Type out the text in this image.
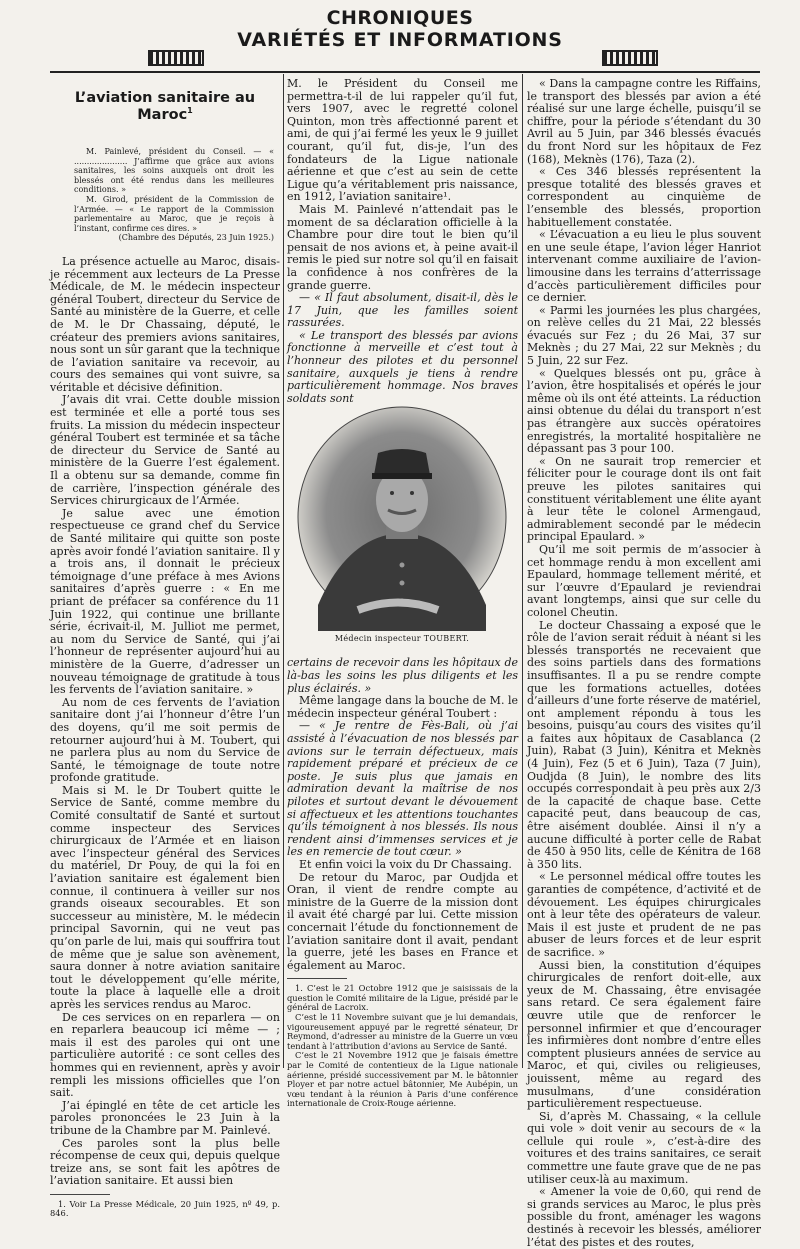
CHRONIQUES
VARIÉTÉS ET INFORMATIONS
L’aviation sanitaire au Maroc$^1$

M. Painlevé, président du Conseil. — « ..................... J’affirme que grâce aux avions sanitaires, les soins auxquels ont droit les blessés ont été rendus dans les meilleures conditions. »

M. Girod, président de la Commission de l’Armée. — « Le rapport de la Commission parlementaire au Maroc, que je reçois à l’instant, confirme ces dires. »

(Chambre des Députés, 23 Juin 1925.)

La présence actuelle au Maroc, disais-je récemment aux lecteurs de La Presse Médicale, de M. le médecin inspecteur général Toubert, directeur du Service de Santé au ministère de la Guerre, et celle de M. le Dr Chassaing, député, le créateur des premiers avions sanitaires, nous sont un sûr garant que la technique de l’aviation sanitaire va recevoir, au cours des semaines qui vont suivre, sa véritable et décisive définition.

J’avais dit vrai. Cette double mission est terminée et elle a porté tous ses fruits. La mission du médecin inspecteur général Toubert est terminée et sa tâche de directeur du Service de Santé au ministère de la Guerre l’est également. Il a obtenu sur sa demande, comme fin de carrière, l’inspection générale des Services chirurgicaux de l’Armée.

Je salue avec une émotion respectueuse ce grand chef du Service de Santé militaire qui quitte son poste après avoir fondé l’aviation sanitaire. Il y a trois ans, il donnait le précieux témoignage d’une préface à mes Avions sanitaires d’après guerre : « En me priant de préfacer sa conférence du 11 Juin 1922, qui continue une brillante série, écrivait-il, M. Julliot me permet, au nom du Service de Santé, qui j’ai l’honneur de représenter aujourd’hui au ministère de la Guerre, d’adresser un nouveau témoignage de gratitude à tous les fervents de l’aviation sanitaire. »

Au nom de ces fervents de l’aviation sanitaire dont j’ai l’honneur d’être l’un des doyens, qu’il me soit permis de retourner aujourd’hui à M. Toubert, qui ne parlera plus au nom du Service de Santé, le témoignage de toute notre profonde gratitude.

Mais si M. le Dr Toubert quitte le Service de Santé, comme membre du Comité consultatif de Santé et surtout comme inspecteur des Services chirurgicaux de l’Armée et en liaison avec l’inspecteur général des Services du matériel, Dr Pouy, de qui la foi en l’aviation sanitaire est également bien connue, il continuera à veiller sur nos grands oiseaux secourables. Et son successeur au ministère, M. le médecin principal Savornin, qui ne veut pas qu’on parle de lui, mais qui souffrira tout de même que je salue son avènement, saura donner à notre aviation sanitaire tout le développement qu’elle mérite, toute la place à laquelle elle a droit après les services rendus au Maroc.

De ces services on en reparlera — on en reparlera beaucoup ici même — ; mais il est des paroles qui ont une particulière autorité : ce sont celles des hommes qui en reviennent, après y avoir rempli les missions officielles que l’on sait.

J’ai épinglé en tête de cet article les paroles prononcées le 23 Juin à la tribune de la Chambre par M. Painlevé.

Ces paroles sont la plus belle récompense de ceux qui, depuis quelque treize ans, se sont fait les apôtres de l’aviation sanitaire. Et aussi bien

1. Voir La Presse Médicale, 20 Juin 1925, nº 49, p. 846.

M. le Président du Conseil me permettra-t-il de lui rappeler qu’il fut, vers 1907, avec le regretté colonel Quinton, mon très affectionné parent et ami, de qui j’ai fermé les yeux le 9 juillet courant, qu’il fut, dis-je, l’un des fondateurs de la Ligue nationale aérienne et que c’est au sein de cette Ligue qu’a véritablement pris naissance, en 1912, l’aviation sanitaire¹.

Mais M. Painlevé n’attendait pas le moment de sa déclaration officielle à la Chambre pour dire tout le bien qu’il pensait de nos avions et, à peine avait-il remis le pied sur notre sol qu’il en faisait la confidence à nos confrères de la grande guerre.

— « Il faut absolument, disait-il, dès le 17 Juin, que les familles soient rassurées.

« Le transport des blessés par avions fonctionne à merveille et c’est tout à l’honneur des pilotes et du personnel sanitaire, auxquels je tiens à rendre particulièrement hommage. Nos braves soldats sont

Médecin inspecteur TOUBERT.

certains de recevoir dans les hôpitaux de là-bas les soins les plus diligents et les plus éclairés. »

Même langage dans la bouche de M. le médecin inspecteur général Toubert :

— « Je rentre de Fès-Bali, où j’ai assisté à l’évacuation de nos blessés par avions sur le terrain défectueux, mais rapidement préparé et précieux de ce poste. Je suis plus que jamais en admiration devant la maîtrise de nos pilotes et surtout devant le dévouement si affectueux et les attentions touchantes qu’ils témoignent à nos blessés. Ils nous rendent ainsi d’immenses services et je les en remercie de tout cœur. »

Et enfin voici la voix du Dr Chassaing.

De retour du Maroc, par Oudjda et Oran, il vient de rendre compte au ministre de la Guerre de la mission dont il avait été chargé par lui. Cette mission concernait l’étude du fonctionnement de l’aviation sanitaire dont il avait, pendant la guerre, jeté les bases en France et également au Maroc.

1. C’est le 21 Octobre 1912 que je saisissais de la question le Comité militaire de la Ligue, présidé par le général de Lacroix.

C’est le 11 Novembre suivant que je lui demandais, vigoureusement appuyé par le regretté sénateur, Dr Reymond, d’adresser au ministre de la Guerre un vœu tendant à l’attribution d’avions au Service de Santé.

C’est le 21 Novembre 1912 que je faisais émettre par le Comité de contentieux de la Ligue nationale aérienne, présidé successivement par M. le bâtonnier Ployer et par notre actuel bâtonnier, Me Aubépin, un vœu tendant à la réunion à Paris d’une conférence internationale de Croix-Rouge aérienne.

« Dans la campagne contre les Riffains, le transport des blessés par avion a été réalisé sur une large échelle, puisqu’il se chiffre, pour la période s’étendant du 30 Avril au 5 Juin, par 346 blessés évacués du front Nord sur les hôpitaux de Fez (168), Meknès (176), Taza (2).

« Ces 346 blessés représentent la presque totalité des blessés graves et correspondent au cinquième de l’ensemble des blessés, proportion habituellement constatée.

« L’évacuation a eu lieu le plus souvent en une seule étape, l’avion léger Hanriot intervenant comme auxiliaire de l’avion-limousine dans les terrains d’atterrissage d’accès particulièrement difficiles pour ce dernier.

« Parmi les journées les plus chargées, on relève celles du 21 Mai, 22 blessés évacués sur Fez ; du 26 Mai, 37 sur Meknès ; du 27 Mai, 22 sur Meknès ; du 5 Juin, 22 sur Fez.

« Quelques blessés ont pu, grâce à l’avion, être hospitalisés et opérés le jour même où ils ont été atteints. La réduction ainsi obtenue du délai du transport n’est pas étrangère aux succès opératoires enregistrés, la mortalité hospitalière ne dépassant pas 3 pour 100.

« On ne saurait trop remercier et féliciter pour le courage dont ils ont fait preuve les pilotes sanitaires qui constituent véritablement une élite ayant à leur tête le colonel Armengaud, admirablement secondé par le médecin principal Epaulard. »

Qu’il me soit permis de m’associer à cet hommage rendu à mon excellent ami Epaulard, hommage tellement mérité, et sur l’œuvre d’Epaulard je reviendrai avant longtemps, ainsi que sur celle du colonel Cheutin.

Le docteur Chassaing a exposé que le rôle de l’avion serait réduit à néant si les blessés transportés ne recevaient que des soins partiels dans des formations insuffisantes. Il a pu se rendre compte que les formations actuelles, dotées d’ailleurs d’une forte réserve de matériel, ont amplement répondu à tous les besoins, puisqu’au cours des visites qu’il a faites aux hôpitaux de Casablanca (2 Juin), Rabat (3 Juin), Kénitra et Meknès (4 Juin), Fez (5 et 6 Juin), Taza (7 Juin), Oudjda (8 Juin), le nombre des lits occupés correspondait à peu près aux 2/3 de la capacité de chaque base. Cette capacité peut, dans beaucoup de cas, être aisément doublée. Ainsi il n’y a aucune difficulté à porter celle de Rabat de 450 à 950 lits, celle de Kénitra de 168 à 350 lits.

« Le personnel médical offre toutes les garanties de compétence, d’activité et de dévouement. Les équipes chirurgicales ont à leur tête des opérateurs de valeur. Mais il est juste et prudent de ne pas abuser de leurs forces et de leur esprit de sacrifice. »

Aussi bien, la constitution d’équipes chirurgicales de renfort doit-elle, aux yeux de M. Chassaing, être envisagée sans retard. Ce sera également faire œuvre utile que de renforcer le personnel infirmier et que d’encourager les infirmières dont nombre d’entre elles comptent plusieurs années de service au Maroc, et qui, civiles ou religieuses, jouissent, même au regard des musulmans, d’une considération particulièrement respectueuse.

Si, d’après M. Chassaing, « la cellule qui vole » doit venir au secours de « la cellule qui roule », c’est-à-dire des voitures et des trains sanitaires, ce serait commettre une faute grave que de ne pas utiliser ceux-là au maximum.

« Amener la voie de 0,60, qui rend de si grands services au Maroc, le plus près possible du front, aménager les wagons destinés à recevoir les blessés, améliorer l’état des pistes et des routes,
